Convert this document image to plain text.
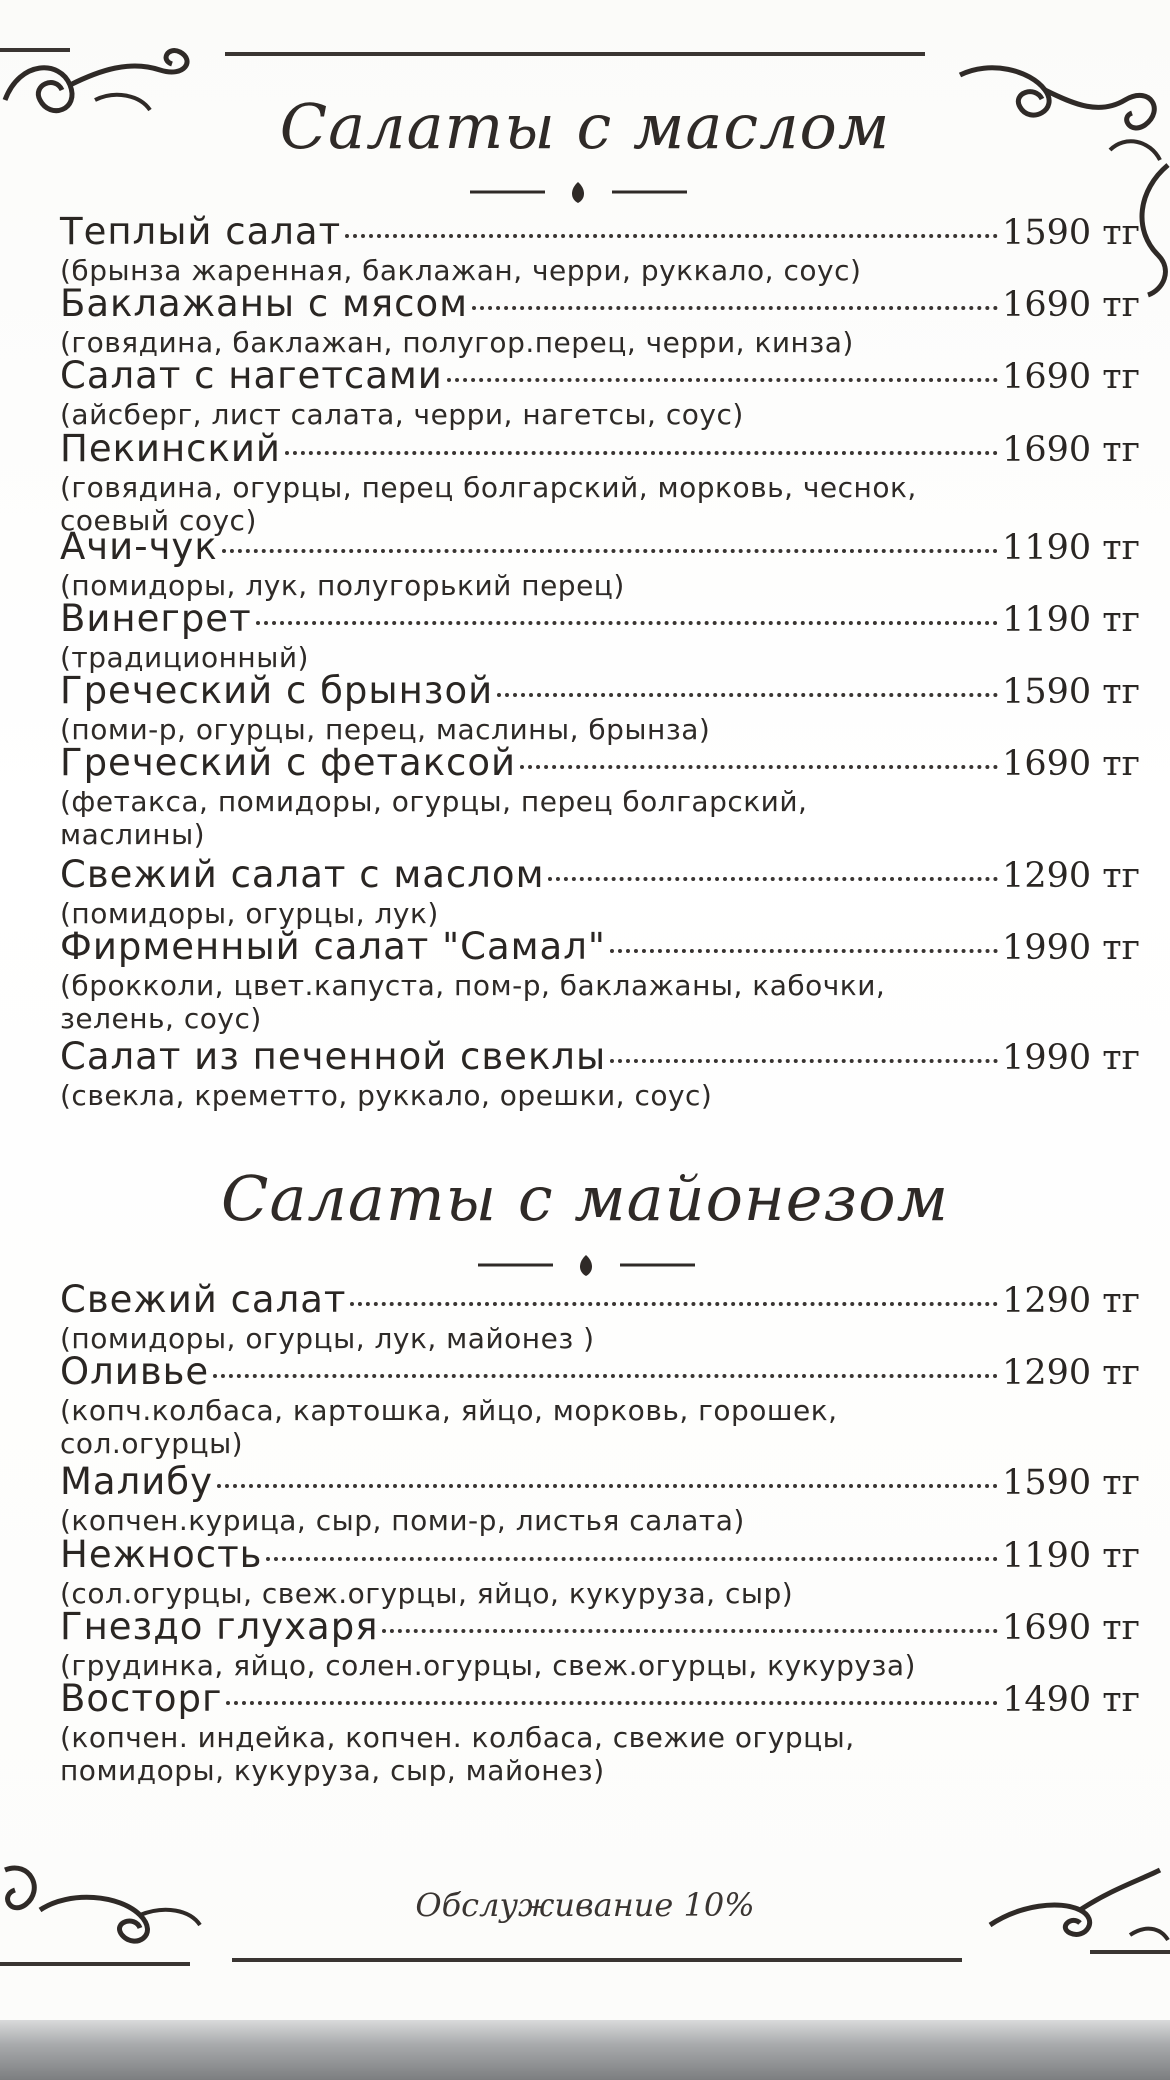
Салаты с маслом
Теплый салат	1590 тг
(брынза жаренная, баклажан, черри, руккало, соус)
Баклажаны с мясом	1690 тг
(говядина, баклажан, полугор.перец, черри, кинза)
Салат с нагетсами	1690 тг
(айсберг, лист салата, черри, нагетсы, соус)
Пекинский	1690 тг
(говядина, огурцы, перец болгарский, морковь, чеснок, соевый соус)
Ачи-чук	1190 тг
(помидоры, лук, полугорький перец)
Винегрет	1190 тг
(традиционный)
Греческий с брынзой	1590 тг
(поми-р, огурцы, перец, маслины, брынза)
Греческий с фетаксой	1690 тг
(фетакса, помидоры, огурцы, перец болгарский, маслины)
Свежий салат с маслом	1290 тг
(помидоры, огурцы, лук)
Фирменный салат "Самал"	1990 тг
(брокколи, цвет.капуста, пом-р, баклажаны, кабочки, зелень, соус)
Салат из печенной свеклы	1990 тг
(свекла, креметто, руккало, орешки, соус)
Салаты с майонезом
Свежий салат	1290 тг
(помидоры, огурцы, лук, майонез )
Оливье	1290 тг
(копч.колбаса, картошка, яйцо, морковь, горошек, сол.огурцы)
Малибу	1590 тг
(копчен.курица, сыр, поми-р, листья салата)
Нежность	1190 тг
(сол.огурцы, свеж.огурцы, яйцо, кукуруза, сыр)
Гнездо глухаря	1690 тг
(грудинка, яйцо, солен.огурцы, свеж.огурцы, кукуруза)
Восторг	1490 тг
(копчен. индейка, копчен. колбаса, свежие огурцы, помидоры, кукуруза, сыр, майонез)
Обслуживание 10%
